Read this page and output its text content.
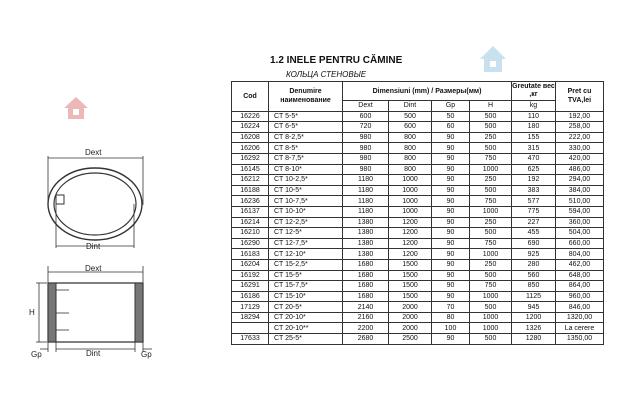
1.2 INELE PENTRU CĂMINE
КОЛЬЦА СТЕНОВЫЕ
Dext
Dint
Dext
H
Gp	Dint	Gp
Cod	Denumire наименование	Dimensiuni (mm) / Размеры(мм)				Greutate вес ,кг	Pret cu TVA,lei
		Dext	Dint	Gp	H	kg	
16226	CT 5-5*	600	500	50	500	110	192,00
16224	CT 6-5*	720	600	60	500	180	258,00
16208	CT 8-2,5*	980	800	90	250	155	222,00
16206	CT 8-5*	980	800	90	500	315	330,00
16292	CT 8-7,5*	980	800	90	750	470	420,00
16145	CT 8-10*	980	800	90	1000	625	486,00
16212	CT 10-2,5*	1180	1000	90	250	192	294,00
16188	CT 10-5*	1180	1000	90	500	383	384,00
16236	CT 10-7,5*	1180	1000	90	750	577	510,00
16137	CT 10-10*	1180	1000	90	1000	775	594,00
16214	CT 12-2,5*	1380	1200	90	250	227	360,00
16210	CT 12-5*	1380	1200	90	500	455	504,00
16290	CT 12-7,5*	1380	1200	90	750	690	660,00
16183	CT 12-10*	1380	1200	90	1000	925	804,00
16204	CT 15-2,5*	1680	1500	90	250	280	462,00
16192	CT 15-5*	1680	1500	90	500	560	648,00
16291	CT 15-7,5*	1680	1500	90	750	850	864,00
16186	CT 15-10*	1680	1500	90	1000	1125	960,00
17129	CT 20-5*	2140	2000	70	500	945	846,00
18294	CT 20-10*	2160	2000	80	1000	1200	1320,00
	CT 20-10**	2200	2000	100	1000	1326	La cerere
17633	CT 25-5*	2680	2500	90	500	1280	1350,00
